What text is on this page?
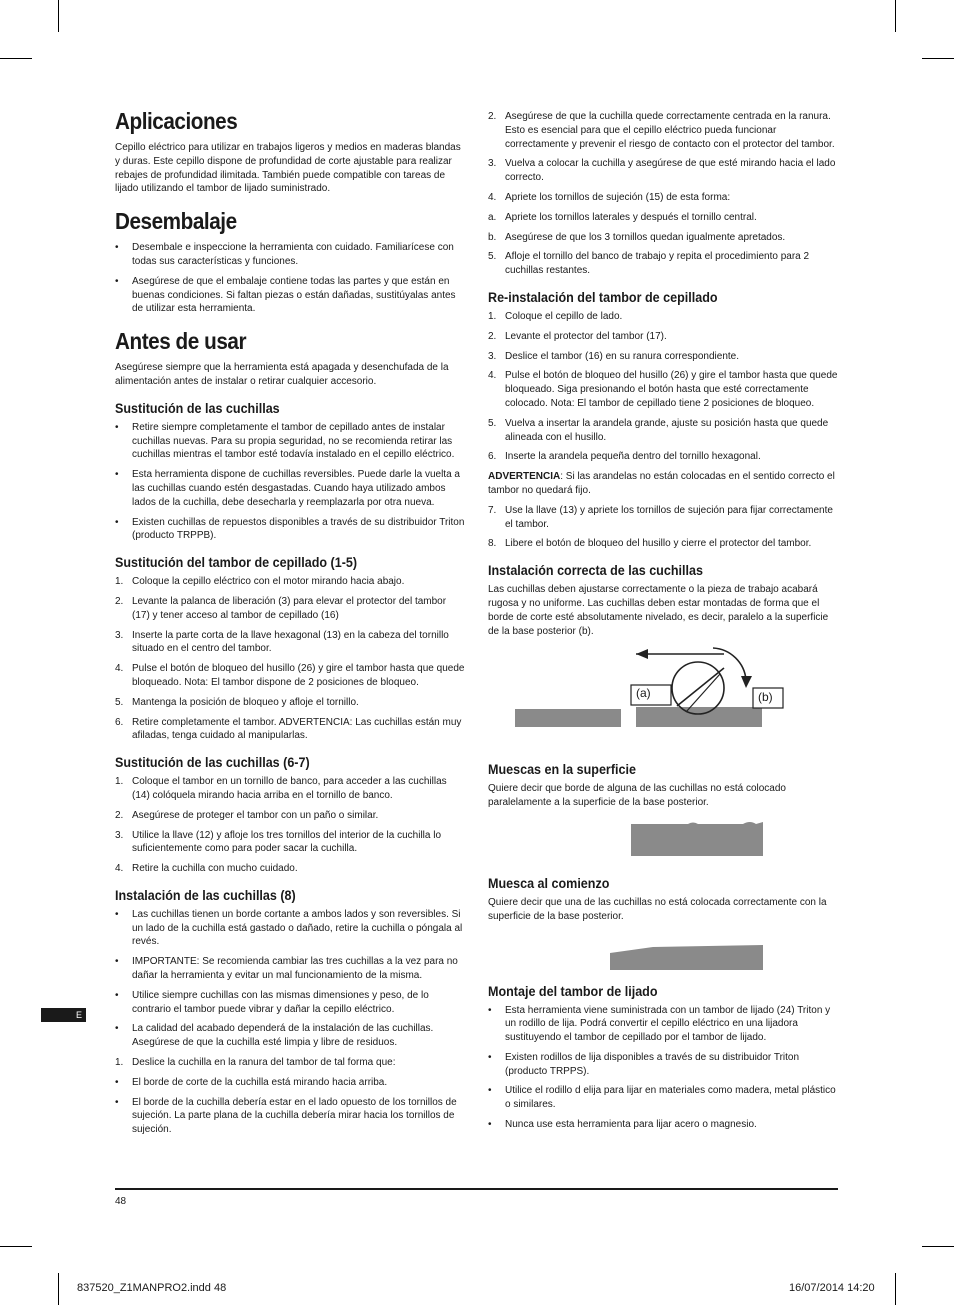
E
Aplicaciones

Cepillo eléctrico para utilizar en trabajos ligeros y medios en maderas blandas y duras. Este cepillo dispone de profundidad de corte ajustable para realizar rebajes de profundidad ilimitada. También puede compatible con tareas de lijado utilizando el tambor de lijado suministrado.

Desembalaje
• Desembale e inspeccione la herramienta con cuidado. Familiarícese con todas sus características y funciones.
• Asegúrese de que el embalaje contiene todas las partes y que están en buenas condiciones. Si faltan piezas o están dañadas, sustitúyalas antes de utilizar esta herramienta.
Antes de usar

Asegúrese siempre que la herramienta está apagada y desenchufada de la alimentación antes de instalar o retirar cualquier accesorio.

Sustitución de las cuchillas
• Retire siempre completamente el tambor de cepillado antes de instalar cuchillas nuevas. Para su propia seguridad, no se recomienda retirar las cuchillas mientras el tambor esté todavía instalado en el cepillo eléctrico.
• Esta herramienta dispone de cuchillas reversibles. Puede darle la vuelta a las cuchillas cuando estén desgastadas. Cuando haya utilizado ambos lados de la cuchilla, debe desecharla y reemplazarla por otra nueva.
• Existen cuchillas de repuestos disponibles a través de su distribuidor Triton (producto TRPPB).
Sustitución del tambor de cepillado (1-5)
1. Coloque la cepillo eléctrico con el motor mirando hacia abajo.
2. Levante la palanca de liberación (3) para elevar el protector del tambor (17) y tener acceso al tambor de cepillado (16)
3. Inserte la parte corta de la llave hexagonal (13) en la cabeza del tornillo situado en el centro del tambor.
4. Pulse el botón de bloqueo del husillo (26) y gire el tambor hasta que quede bloqueado. Nota: El tambor dispone de 2 posiciones de bloqueo.
5. Mantenga la posición de bloqueo y afloje el tornillo.
6. Retire completamente el tambor. ADVERTENCIA: Las cuchillas están muy afiladas, tenga cuidado al manipularlas.
Sustitución de las cuchillas (6-7)
1. Coloque el tambor en un tornillo de banco, para acceder a las cuchillas (14) colóquela mirando hacia arriba en el tornillo de banco.
2. Asegúrese de proteger el tambor con un paño o similar.
3. Utilice la llave (12) y afloje los tres tornillos del interior de la cuchilla lo suficientemente como para poder sacar la cuchilla.
4. Retire la cuchilla con mucho cuidado.
Instalación de las cuchillas (8)
• Las cuchillas tienen un borde cortante a ambos lados y son reversibles. Si un lado de la cuchilla está gastado o dañado, retire la cuchilla o póngala al revés.
• IMPORTANTE: Se recomienda cambiar las tres cuchillas a la vez para no dañar la herramienta y evitar un mal funcionamiento de la misma.
• Utilice siempre cuchillas con las mismas dimensiones y peso, de lo contrario el tambor puede vibrar y dañar la cepillo eléctrico.
• La calidad del acabado dependerá de la instalación de las cuchillas. Asegúrese de que la cuchilla esté limpia y libre de residuos.
1. Deslice la cuchilla en la ranura del tambor de tal forma que:
• El borde de corte de la cuchilla está mirando hacia arriba.
• El borde de la cuchilla debería estar en el lado opuesto de los tornillos de sujeción. La parte plana de la cuchilla debería mirar hacia los tornillos de sujeción.
2. Asegúrese de que la cuchilla quede correctamente centrada en la ranura. Esto es esencial para que el cepillo eléctrico pueda funcionar correctamente y prevenir el riesgo de contacto con el protector del tambor.
3. Vuelva a colocar la cuchilla y asegúrese de que esté mirando hacia el lado correcto.
4. Apriete los tornillos de sujeción (15) de esta forma:
a. Apriete los tornillos laterales y después el tornillo central.
b. Asegúrese de que los 3 tornillos quedan igualmente apretados.
5. Afloje el tornillo del banco de trabajo y repita el procedimiento para 2 cuchillas restantes.
Re-instalación del tambor de cepillado
1. Coloque el cepillo de lado.
2. Levante el protector del tambor (17).
3. Deslice el tambor (16) en su ranura correspondiente.
4. Pulse el botón de bloqueo del husillo (26) y gire el tambor hasta que quede bloqueado. Siga presionando el botón hasta que esté correctamente colocado. Nota: El tambor de cepillado tiene 2 posiciones de bloqueo.
5. Vuelva a insertar la arandela grande, ajuste su posición hasta que quede alineada con el husillo.
6. Inserte la arandela pequeña dentro del tornillo hexagonal.

ADVERTENCIA: Si las arandelas no están colocadas en el sentido correcto el tambor no quedará fijo.

7. Use la llave (13) y apriete los tornillos de sujeción para fijar correctamente el tambor.
8. Libere el botón de bloqueo del husillo y cierre el protector del tambor.
Instalación correcta de las cuchillas

Las cuchillas deben ajustarse correctamente o la pieza de trabajo acabará rugosa y no uniforme. Las cuchillas deben estar montadas de forma que el borde de corte esté absolutamente nivelado, es decir, paralelo a la superficie de la base posterior (b).

(a)	(b)
Muescas en la superficie

Quiere decir que borde de alguna de las cuchillas no está colocado paralelamente a la superficie de la base posterior.

Muesca al comienzo

Quiere decir que una de las cuchillas no está colocada correctamente con la superficie de la base posterior.

Montaje del tambor de lijado
• Esta herramienta viene suministrada con un tambor de lijado (24) Triton y un rodillo de lija. Podrá convertir el cepillo eléctrico en una lijadora sustituyendo el tambor de cepillado por el tambor de lijado.
• Existen rodillos de lija disponibles a través de su distribuidor Triton (producto TRPPS).
• Utilice el rodillo d elija para lijar en materiales como madera, metal plástico o similares.
• Nunca use esta herramienta para lijar acero o magnesio.
48
837520_Z1MANPRO2.indd 48	16/07/2014 14:20
